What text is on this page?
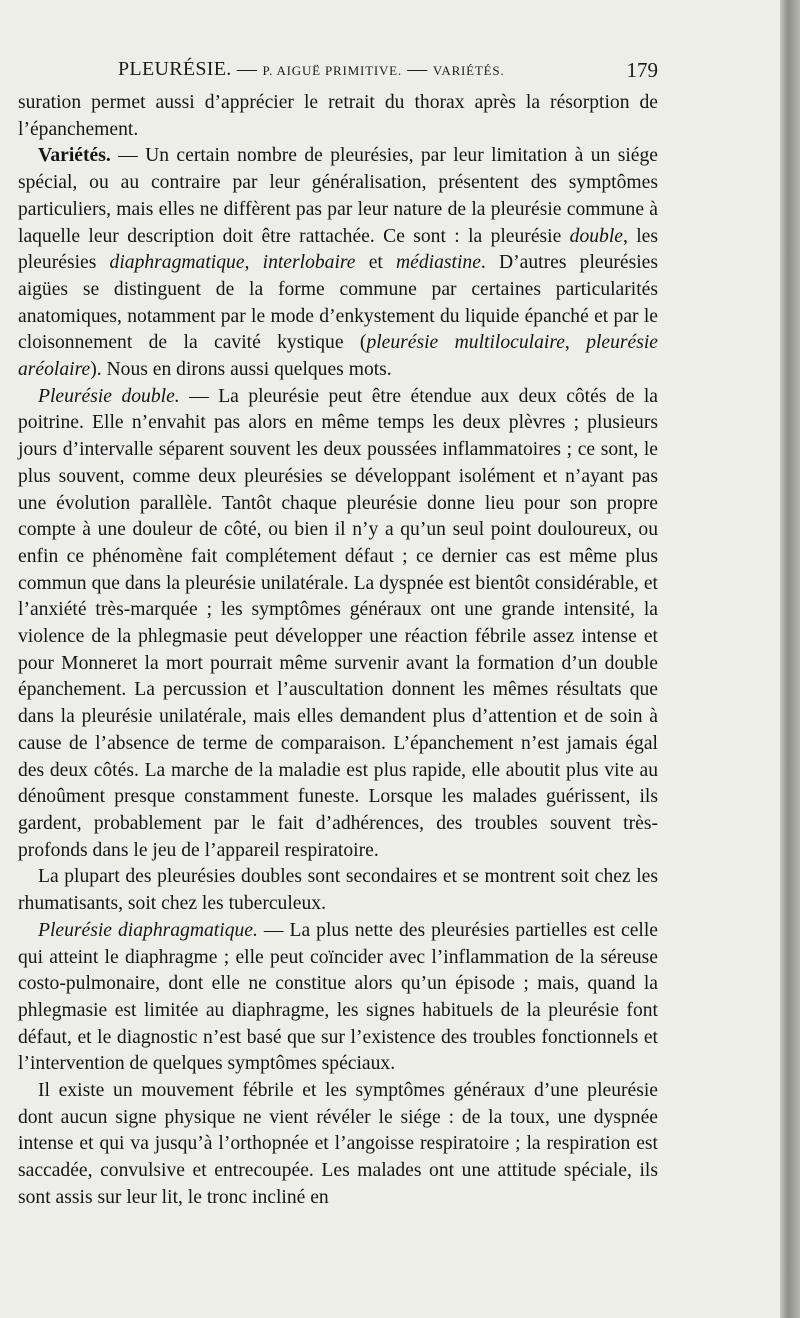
PLEURÉSIE. — P. AIGUË PRIMITIVE. — VARIÉTÉS.	179

suration permet aussi d’apprécier le retrait du thorax après la résorption de l’épanchement.

Variétés. — Un certain nombre de pleurésies, par leur limitation à un siége spécial, ou au contraire par leur généralisation, présentent des symptômes particuliers, mais elles ne diffèrent pas par leur nature de la pleurésie commune à laquelle leur description doit être rattachée. Ce sont : la pleurésie double, les pleurésies diaphragmatique, interlobaire et médiastine. D’autres pleurésies aigües se distinguent de la forme commune par certaines particularités anatomiques, notamment par le mode d’enkystement du liquide épanché et par le cloisonnement de la cavité kystique (pleurésie multiloculaire, pleurésie aréolaire). Nous en dirons aussi quelques mots.

Pleurésie double. — La pleurésie peut être étendue aux deux côtés de la poitrine. Elle n’envahit pas alors en même temps les deux plèvres ; plusieurs jours d’intervalle séparent souvent les deux poussées inflammatoires ; ce sont, le plus souvent, comme deux pleurésies se développant isolément et n’ayant pas une évolution parallèle. Tantôt chaque pleurésie donne lieu pour son propre compte à une douleur de côté, ou bien il n’y a qu’un seul point douloureux, ou enfin ce phénomène fait complétement défaut ; ce dernier cas est même plus commun que dans la pleurésie unilatérale. La dyspnée est bientôt considérable, et l’anxiété très-marquée ; les symptômes généraux ont une grande intensité, la violence de la phlegmasie peut développer une réaction fébrile assez intense et pour Monneret la mort pourrait même survenir avant la formation d’un double épanchement. La percussion et l’auscultation donnent les mêmes résultats que dans la pleurésie unilatérale, mais elles demandent plus d’attention et de soin à cause de l’absence de terme de comparaison. L’épanchement n’est jamais égal des deux côtés. La marche de la maladie est plus rapide, elle aboutit plus vite au dénoûment presque constamment funeste. Lorsque les malades guérissent, ils gardent, probablement par le fait d’adhérences, des troubles souvent très-profonds dans le jeu de l’appareil respiratoire.

La plupart des pleurésies doubles sont secondaires et se montrent soit chez les rhumatisants, soit chez les tuberculeux.

Pleurésie diaphragmatique. — La plus nette des pleurésies partielles est celle qui atteint le diaphragme ; elle peut coïncider avec l’inflammation de la séreuse costo-pulmonaire, dont elle ne constitue alors qu’un épisode ; mais, quand la phlegmasie est limitée au diaphragme, les signes habituels de la pleurésie font défaut, et le diagnostic n’est basé que sur l’existence des troubles fonctionnels et l’intervention de quelques symptômes spéciaux.

Il existe un mouvement fébrile et les symptômes généraux d’une pleurésie dont aucun signe physique ne vient révéler le siége : de la toux, une dyspnée intense et qui va jusqu’à l’orthopnée et l’angoisse respiratoire ; la respiration est saccadée, convulsive et entrecoupée. Les malades ont une attitude spéciale, ils sont assis sur leur lit, le tronc incliné en
